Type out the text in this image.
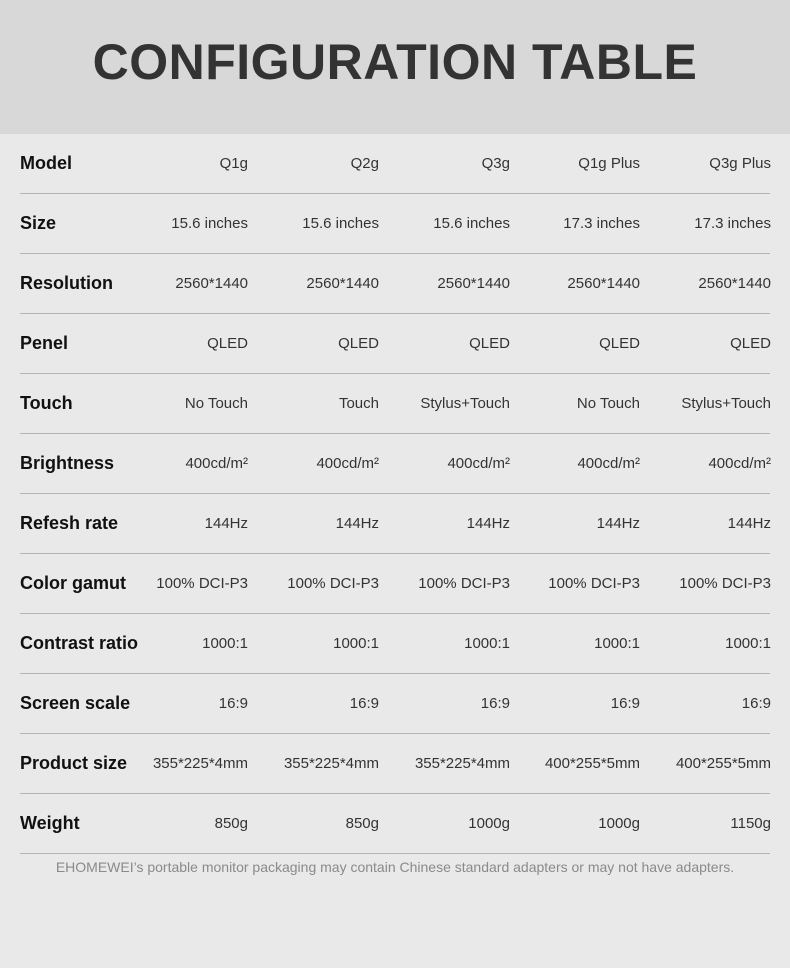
CONFIGURATION TABLE
Model	Q1g	Q2g	Q3g	Q1g Plus	Q3g Plus
Size	15.6 inches	15.6 inches	15.6 inches	17.3 inches	17.3 inches
Resolution	2560*1440	2560*1440	2560*1440	2560*1440	2560*1440
Penel	QLED	QLED	QLED	QLED	QLED
Touch	No Touch	Touch	Stylus+Touch	No Touch	Stylus+Touch
Brightness	400cd/m²	400cd/m²	400cd/m²	400cd/m²	400cd/m²
Refesh rate	144Hz	144Hz	144Hz	144Hz	144Hz
Color gamut	100% DCI-P3	100% DCI-P3	100% DCI-P3	100% DCI-P3	100% DCI-P3
Contrast ratio	1000:1	1000:1	1000:1	1000:1	1000:1
Screen scale	16:9	16:9	16:9	16:9	16:9
Product size	355*225*4mm	355*225*4mm	355*225*4mm	400*255*5mm	400*255*5mm
Weight	850g	850g	1000g	1000g	1150g

EHOMEWEI’s portable monitor packaging may contain Chinese standard adapters or may not have adapters.
